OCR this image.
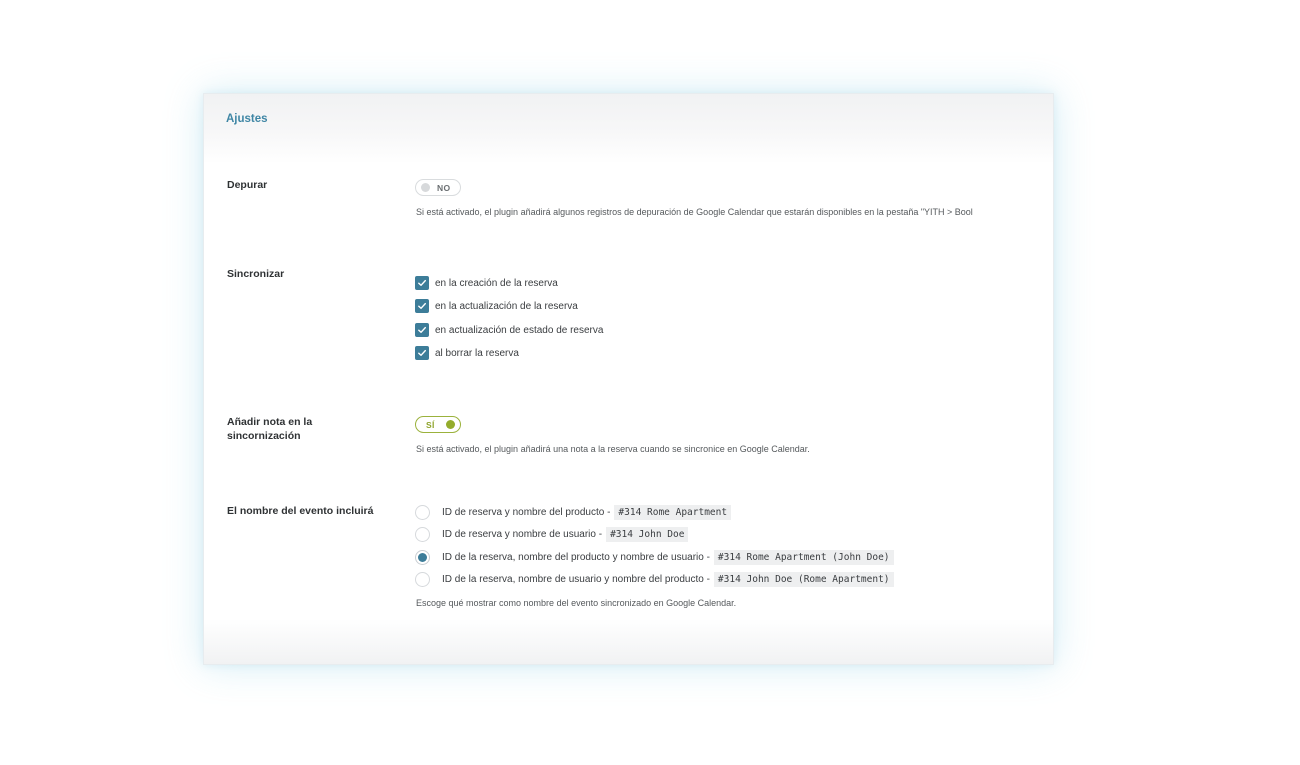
Ajustes
Depurar	NO
Si está activado, el plugin añadirá algunos registros de depuración de Google Calendar que estarán disponibles en la pestaña "YITH > Bool
Sincronizar
en la creación de la reserva
en la actualización de la reserva
en actualización de estado de reserva
al borrar la reserva
Añadir nota en la sincornización
SÍ
Si está activado, el plugin añadirá una nota a la reserva cuando se sincronice en Google Calendar.
El nombre del evento incluirá	ID de reserva y nombre del producto - #314 Rome Apartment
ID de reserva y nombre de usuario - #314 John Doe
ID de la reserva, nombre del producto y nombre de usuario - #314 Rome Apartment (John Doe)
ID de la reserva, nombre de usuario y nombre del producto - #314 John Doe (Rome Apartment)
Escoge qué mostrar como nombre del evento sincronizado en Google Calendar.
